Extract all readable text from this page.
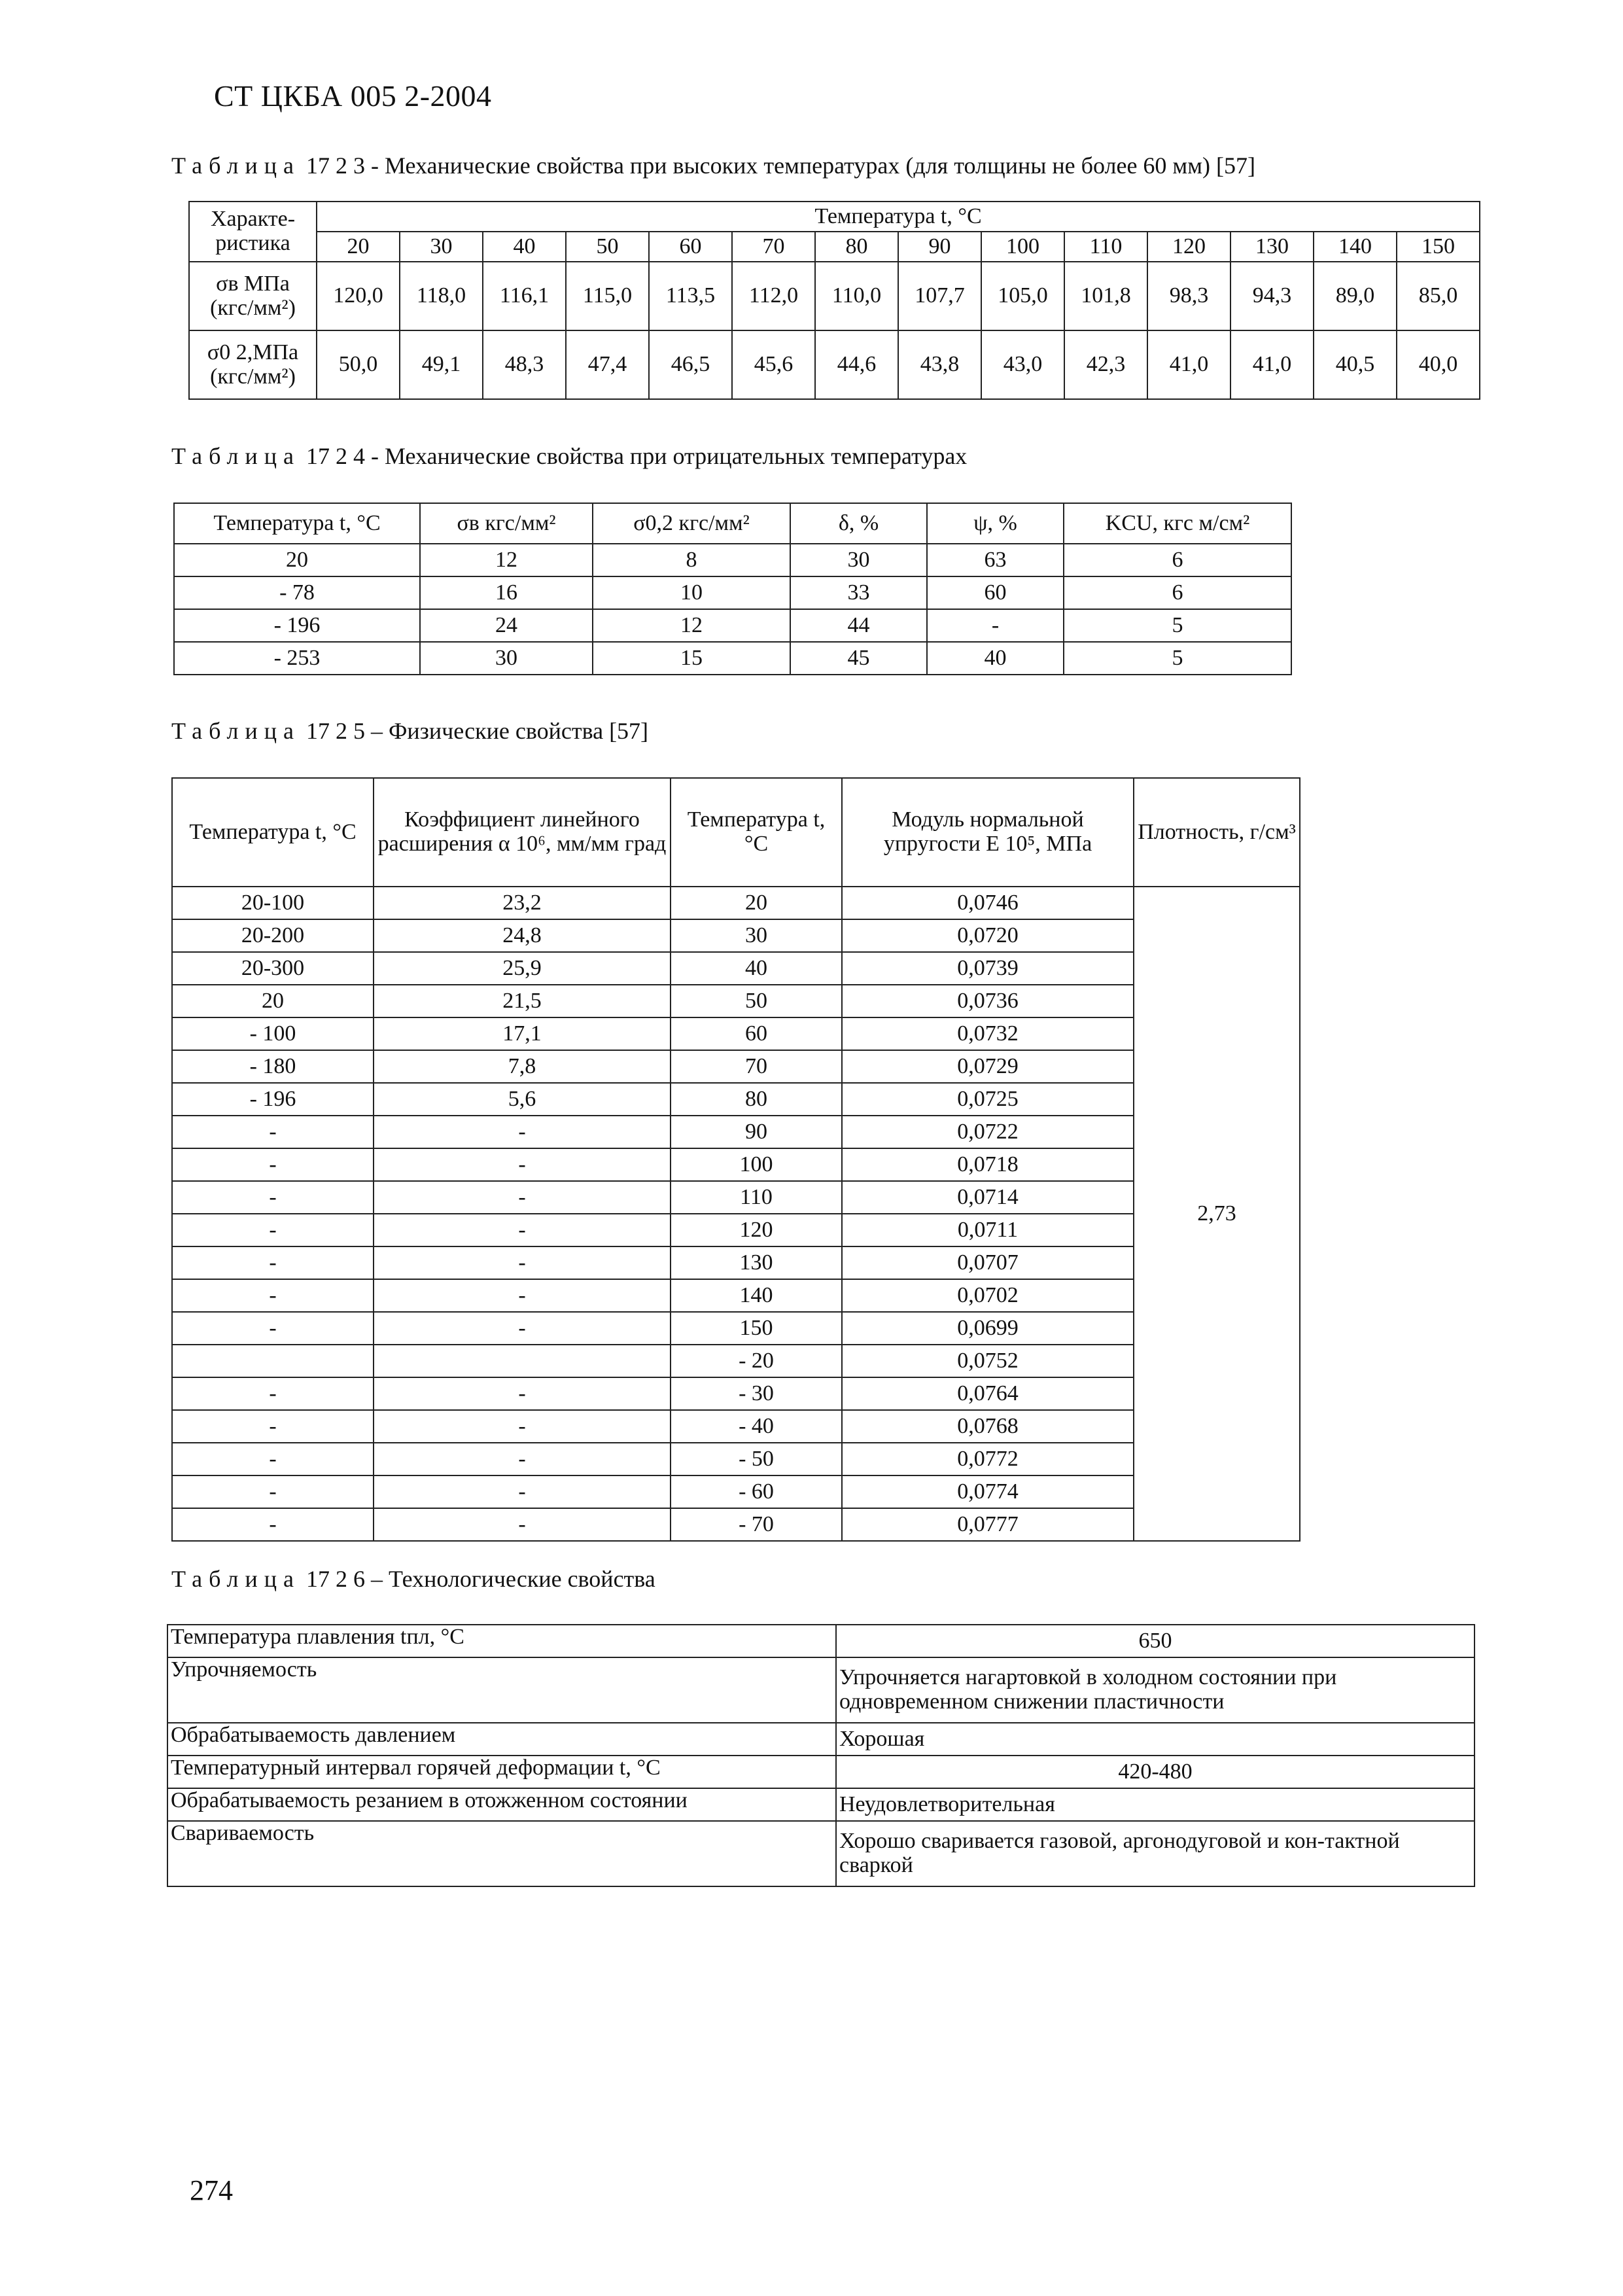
СТ ЦКБА 005 2-2004
Таблица 17 2 3 - Механические свойства при высоких температурах (для толщины не более 60 мм) [57]
Характе-ристика	Температура t, °C													
	20	30	40	50	60	70	80	90	100	110	120	130	140	150
σв МПа (кгс/мм²)	120,0	118,0	116,1	115,0	113,5	112,0	110,0	107,7	105,0	101,8	98,3	94,3	89,0	85,0
σ0 2,МПа (кгс/мм²)	50,0	49,1	48,3	47,4	46,5	45,6	44,6	43,8	43,0	42,3	41,0	41,0	40,5	40,0
Таблица 17 2 4 - Механические свойства при отрицательных температурах
Температура t, °C	σв кгс/мм²	σ0,2 кгс/мм²	δ, %	ψ, %	KCU, кгс м/см²
20	12	8	30	63	6
- 78	16	10	33	60	6
- 196	24	12	44	-	5
- 253	30	15	45	40	5
Таблица 17 2 5 – Физические свойства [57]
Температура t, °C	Коэффициент линейного расширения α 10⁶, мм/мм град	Температура t, °C	Модуль нормальной упругости E 10⁵, МПа	Плотность, г/см³
20-100	23,2	20	0,0746	2,73
20-200	24,8	30	0,0720	
20-300	25,9	40	0,0739	
20	21,5	50	0,0736	
- 100	17,1	60	0,0732	
- 180	7,8	70	0,0729	
- 196	5,6	80	0,0725	
-	-	90	0,0722	
-	-	100	0,0718	
-	-	110	0,0714	
-	-	120	0,0711	
-	-	130	0,0707	
-	-	140	0,0702	
-	-	150	0,0699	
		- 20	0,0752	
-	-	- 30	0,0764	
-	-	- 40	0,0768	
-	-	- 50	0,0772	
-	-	- 60	0,0774	
-	-	- 70	0,0777	
Таблица 17 2 6 – Технологические свойства
Температура плавления tпл, °C	650
Упрочняемость	Упрочняется нагартовкой в холодном состоянии при одновременном снижении пластичности
Обрабатываемость давлением	Хорошая
Температурный интервал горячей деформации t, °C	420-480
Обрабатываемость резанием в отожженном состоянии	Неудовлетворительная
Свариваемость	Хорошо сваривается газовой, аргонодуговой и кон-тактной сваркой
274
